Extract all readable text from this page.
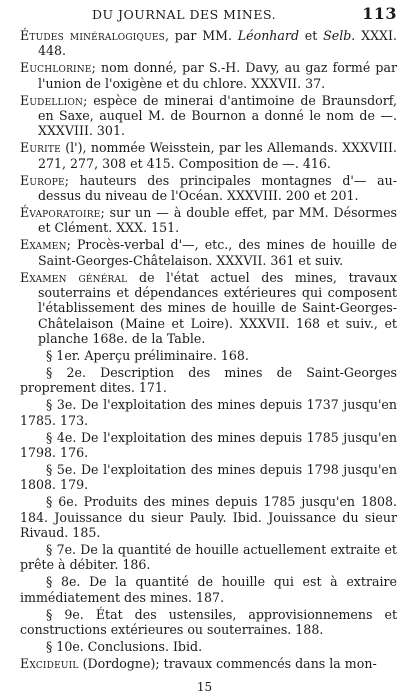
DU JOURNAL DES MINES.	113

Études minéralogiques, par MM. Léonhard et Selb. XXXI. 448.

Euchlorine; nom donné, par S.-H. Davy, au gaz formé par l'union de l'oxigène et du chlore. XXXVII. 37.

Eudellion; espèce de minerai d'antimoine de Braunsdorf, en Saxe, auquel M. de Bournon a donné le nom de —. XXXVIII. 301.

Eurite (l'), nommée Weisstein, par les Allemands. XXXVIII. 271, 277, 308 et 415. Composition de —. 416.

Europe; hauteurs des principales montagnes d'— au-dessus du niveau de l'Océan. XXXVIII. 200 et 201.

Évaporatoire; sur un — à double effet, par MM. Désormes et Clément. XXX. 151.

Examen; Procès-verbal d'—, etc., des mines de houille de Saint-Georges-Châtelaison. XXXVII. 361 et suiv.

Examen général de l'état actuel des mines, travaux souterrains et dépendances extérieures qui composent l'établissement des mines de houille de Saint-Georges-Châtelaison (Maine et Loire). XXXVII. 168 et suiv., et planche 168e. de la Table.

§ 1er. Aperçu préliminaire. 168.

§ 2e. Description des mines de Saint-Georges proprement dites. 171.

§ 3e. De l'exploitation des mines depuis 1737 jusqu'en 1785. 173.

§ 4e. De l'exploitation des mines depuis 1785 jusqu'en 1798. 176.

§ 5e. De l'exploitation des mines depuis 1798 jusqu'en 1808. 179.

§ 6e. Produits des mines depuis 1785 jusqu'en 1808. 184. Jouissance du sieur Pauly. Ibid. Jouissance du sieur Rivaud. 185.

§ 7e. De la quantité de houille actuellement extraite et prête à débiter. 186.

§ 8e. De la quantité de houille qui est à extraire immédiatement des mines. 187.

§ 9e. État des ustensiles, approvisionnemens et constructions extérieures ou souterraines. 188.

§ 10e. Conclusions. Ibid.

Excideuil (Dordogne); travaux commencés dans la mon-

15
